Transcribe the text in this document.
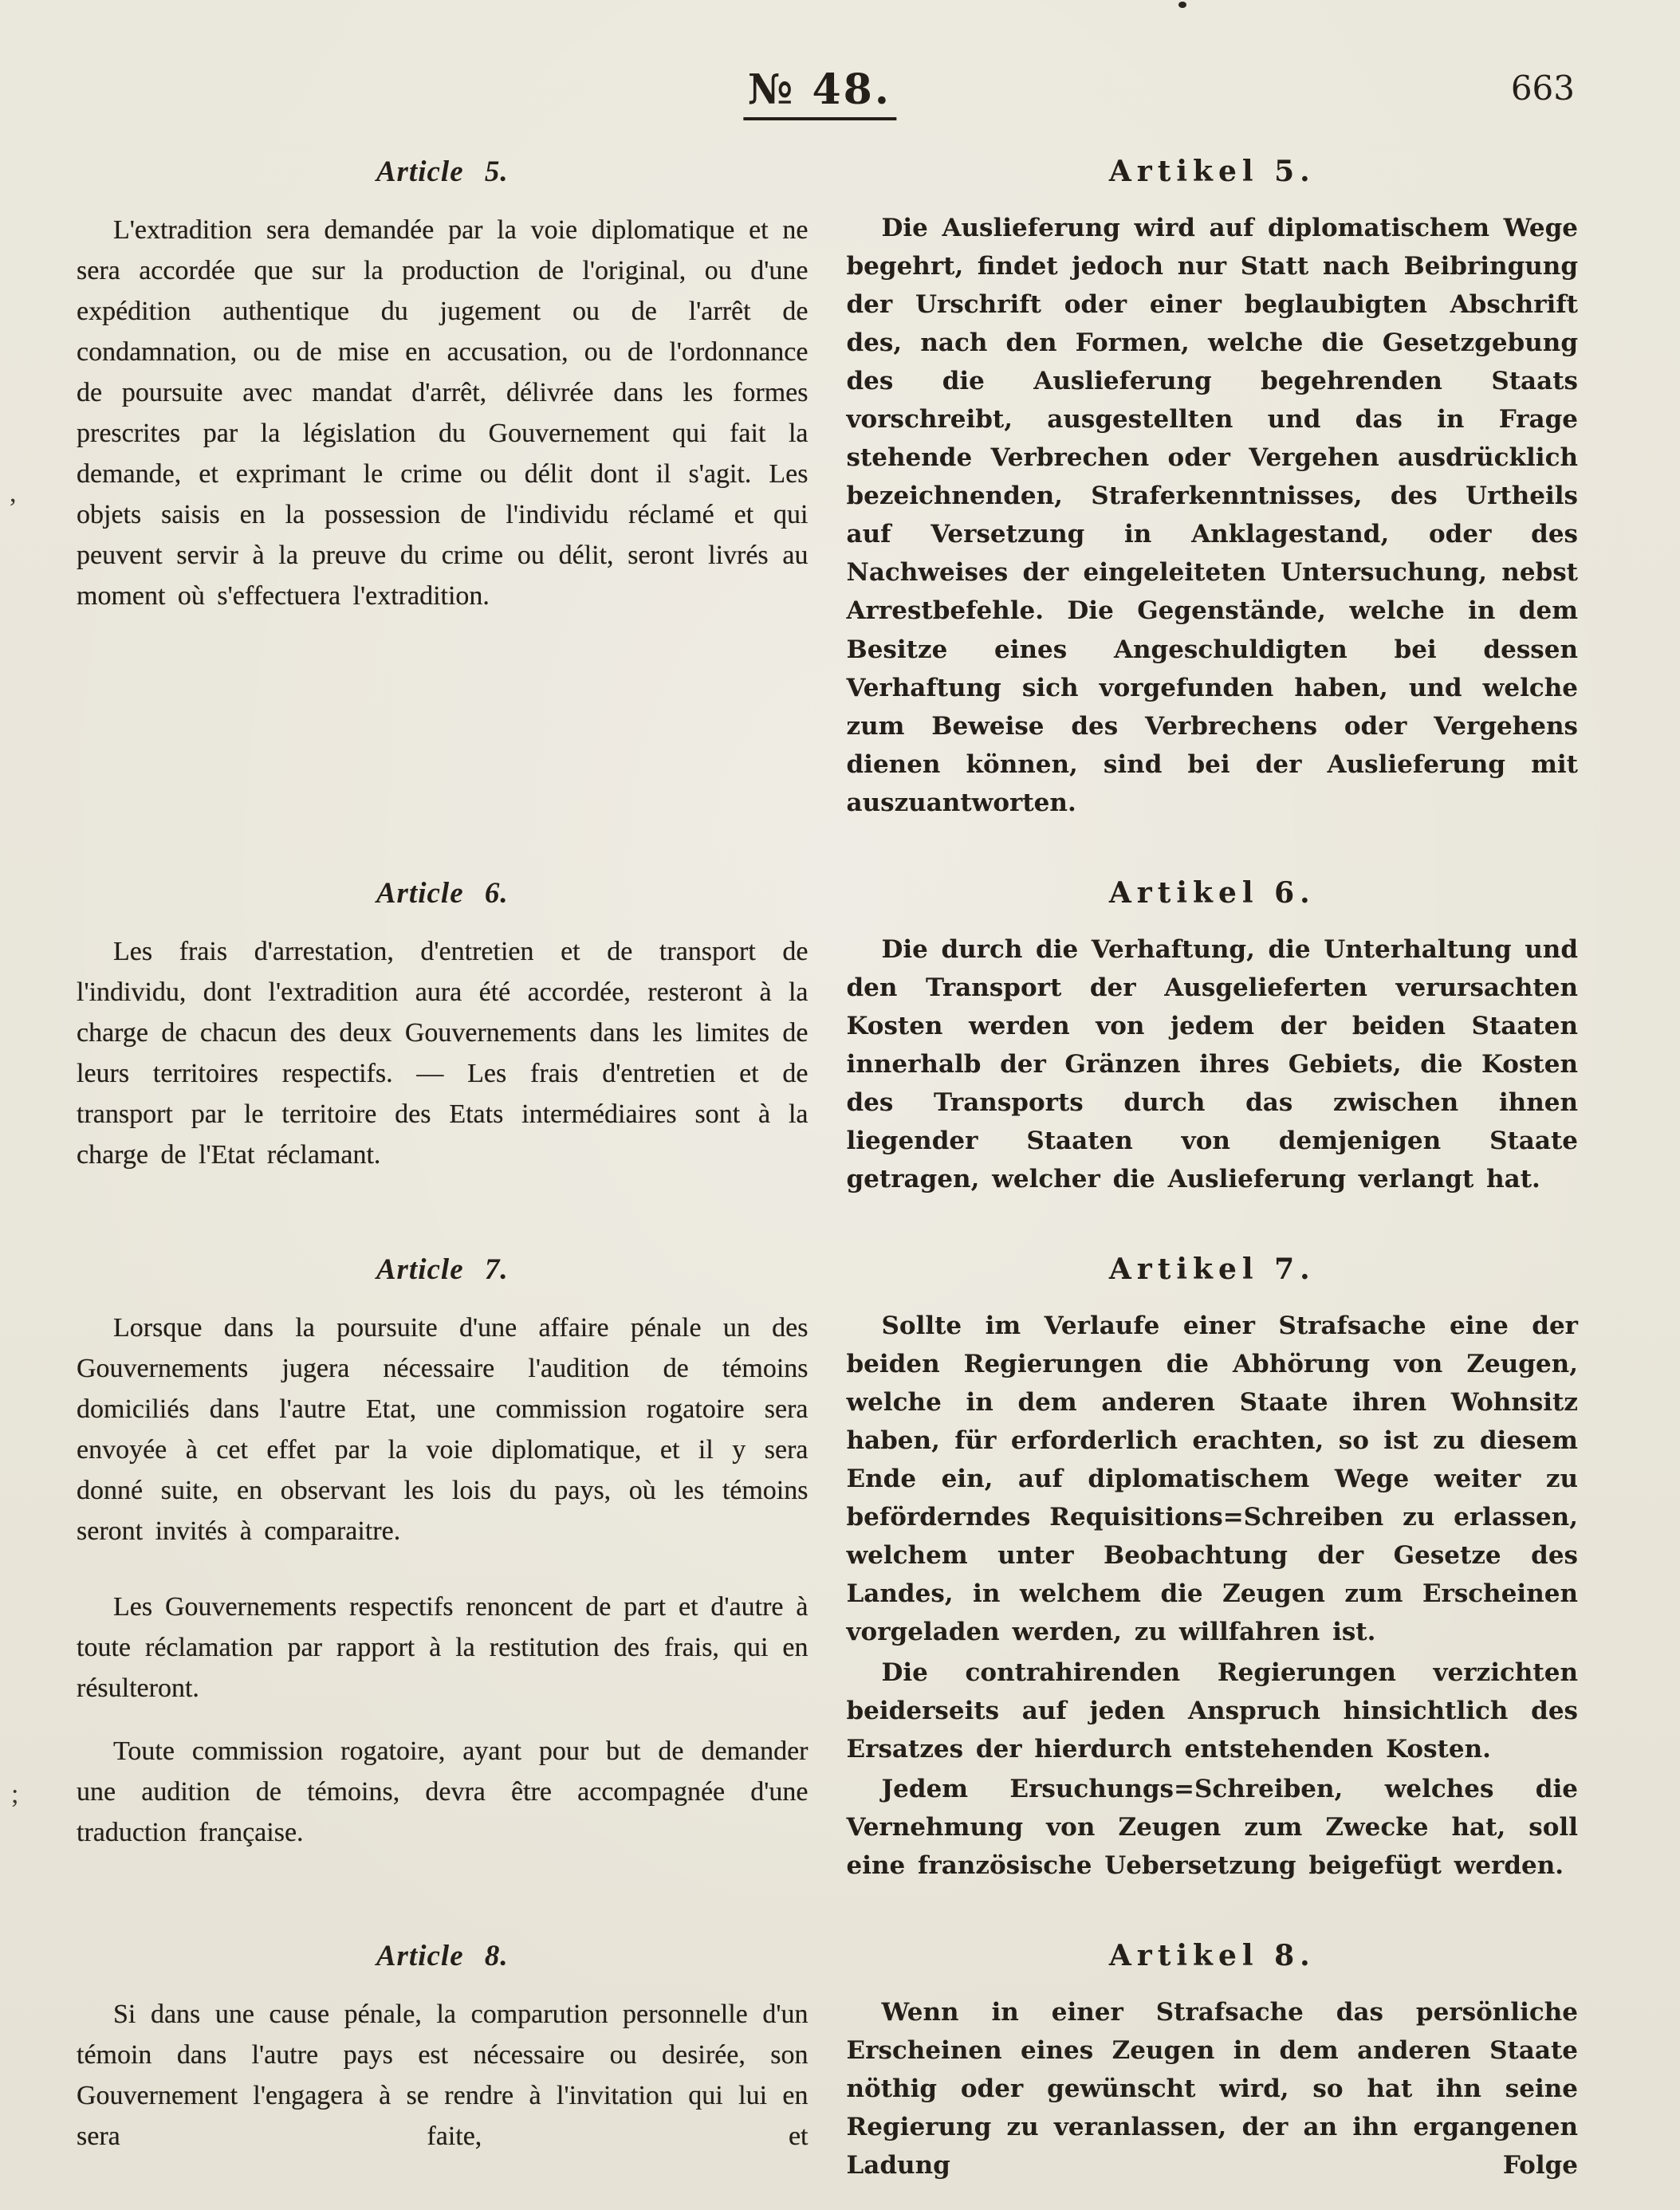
№ 48.	663
,
;
Article 5.

L'extradition sera demandée par la voie diplomatique et ne sera accordée que sur la production de l'original, ou d'une expédition authentique du jugement ou de l'arrêt de condamnation, ou de mise en accusation, ou de l'ordonnance de poursuite avec mandat d'arrêt, délivrée dans les formes prescrites par la législation du Gouvernement qui fait la demande, et exprimant le crime ou délit dont il s'agit. Les objets saisis en la possession de l'individu réclamé et qui peuvent servir à la preuve du crime ou délit, seront livrés au moment où s'effectuera l'extradition.

Artikel 5.

Die Auslieferung wird auf diplomatischem Wege begehrt, findet jedoch nur Statt nach Beibringung der Urschrift oder einer beglaubigten Abschrift des, nach den Formen, welche die Gesetzgebung des die Auslieferung begehrenden Staats vorschreibt, ausgestellten und das in Frage stehende Verbrechen oder Vergehen ausdrücklich bezeichnenden, Straferkenntnisses, des Urtheils auf Versetzung in Anklagestand, oder des Nachweises der eingeleiteten Untersuchung, nebst Arrestbefehle. Die Gegenstände, welche in dem Besitze eines Angeschuldigten bei dessen Verhaftung sich vorgefunden haben, und welche zum Beweise des Verbrechens oder Vergehens dienen können, sind bei der Auslieferung mit auszuantworten.

Article 6.

Les frais d'arrestation, d'entretien et de transport de l'individu, dont l'extradition aura été accordée, resteront à la charge de chacun des deux Gouvernements dans les limites de leurs territoires respectifs. — Les frais d'entretien et de transport par le territoire des Etats intermédiaires sont à la charge de l'Etat réclamant.

Artikel 6.

Die durch die Verhaftung, die Unterhaltung und den Transport der Ausgelieferten verursachten Kosten werden von jedem der beiden Staaten innerhalb der Gränzen ihres Gebiets, die Kosten des Transports durch das zwischen ihnen liegender Staaten von demjenigen Staate getragen, welcher die Auslieferung verlangt hat.

Article 7.

Lorsque dans la poursuite d'une affaire pénale un des Gouvernements jugera nécessaire l'audition de témoins domiciliés dans l'autre Etat, une commission rogatoire sera envoyée à cet effet par la voie diplomatique, et il y sera donné suite, en observant les lois du pays, où les témoins seront invités à comparaitre.

Les Gouvernements respectifs renoncent de part et d'autre à toute réclamation par rapport à la restitution des frais, qui en résulteront.

Toute commission rogatoire, ayant pour but de demander une audition de témoins, devra être accompagnée d'une traduction française.

Artikel 7.

Sollte im Verlaufe einer Strafsache eine der beiden Regierungen die Abhörung von Zeugen, welche in dem anderen Staate ihren Wohnsitz haben, für erforderlich erachten, so ist zu diesem Ende ein, auf diplomatischem Wege weiter zu beförderndes Requisitions=Schreiben zu erlassen, welchem unter Beobachtung der Gesetze des Landes, in welchem die Zeugen zum Erscheinen vorgeladen werden, zu willfahren ist.

Die contrahirenden Regierungen verzichten beiderseits auf jeden Anspruch hinsichtlich des Ersatzes der hierdurch entstehenden Kosten.

Jedem Ersuchungs=Schreiben, welches die Vernehmung von Zeugen zum Zwecke hat, soll eine französische Uebersetzung beigefügt werden.

Article 8.

Si dans une cause pénale, la comparution personnelle d'un témoin dans l'autre pays est nécessaire ou desirée, son Gouvernement l'engagera à se rendre à l'invitation qui lui en sera faite, et

Artikel 8.

Wenn in einer Strafsache das persönliche Erscheinen eines Zeugen in dem anderen Staate nöthig oder gewünscht wird, so hat ihn seine Regierung zu veranlassen, der an ihn ergangenen Ladung Folge
